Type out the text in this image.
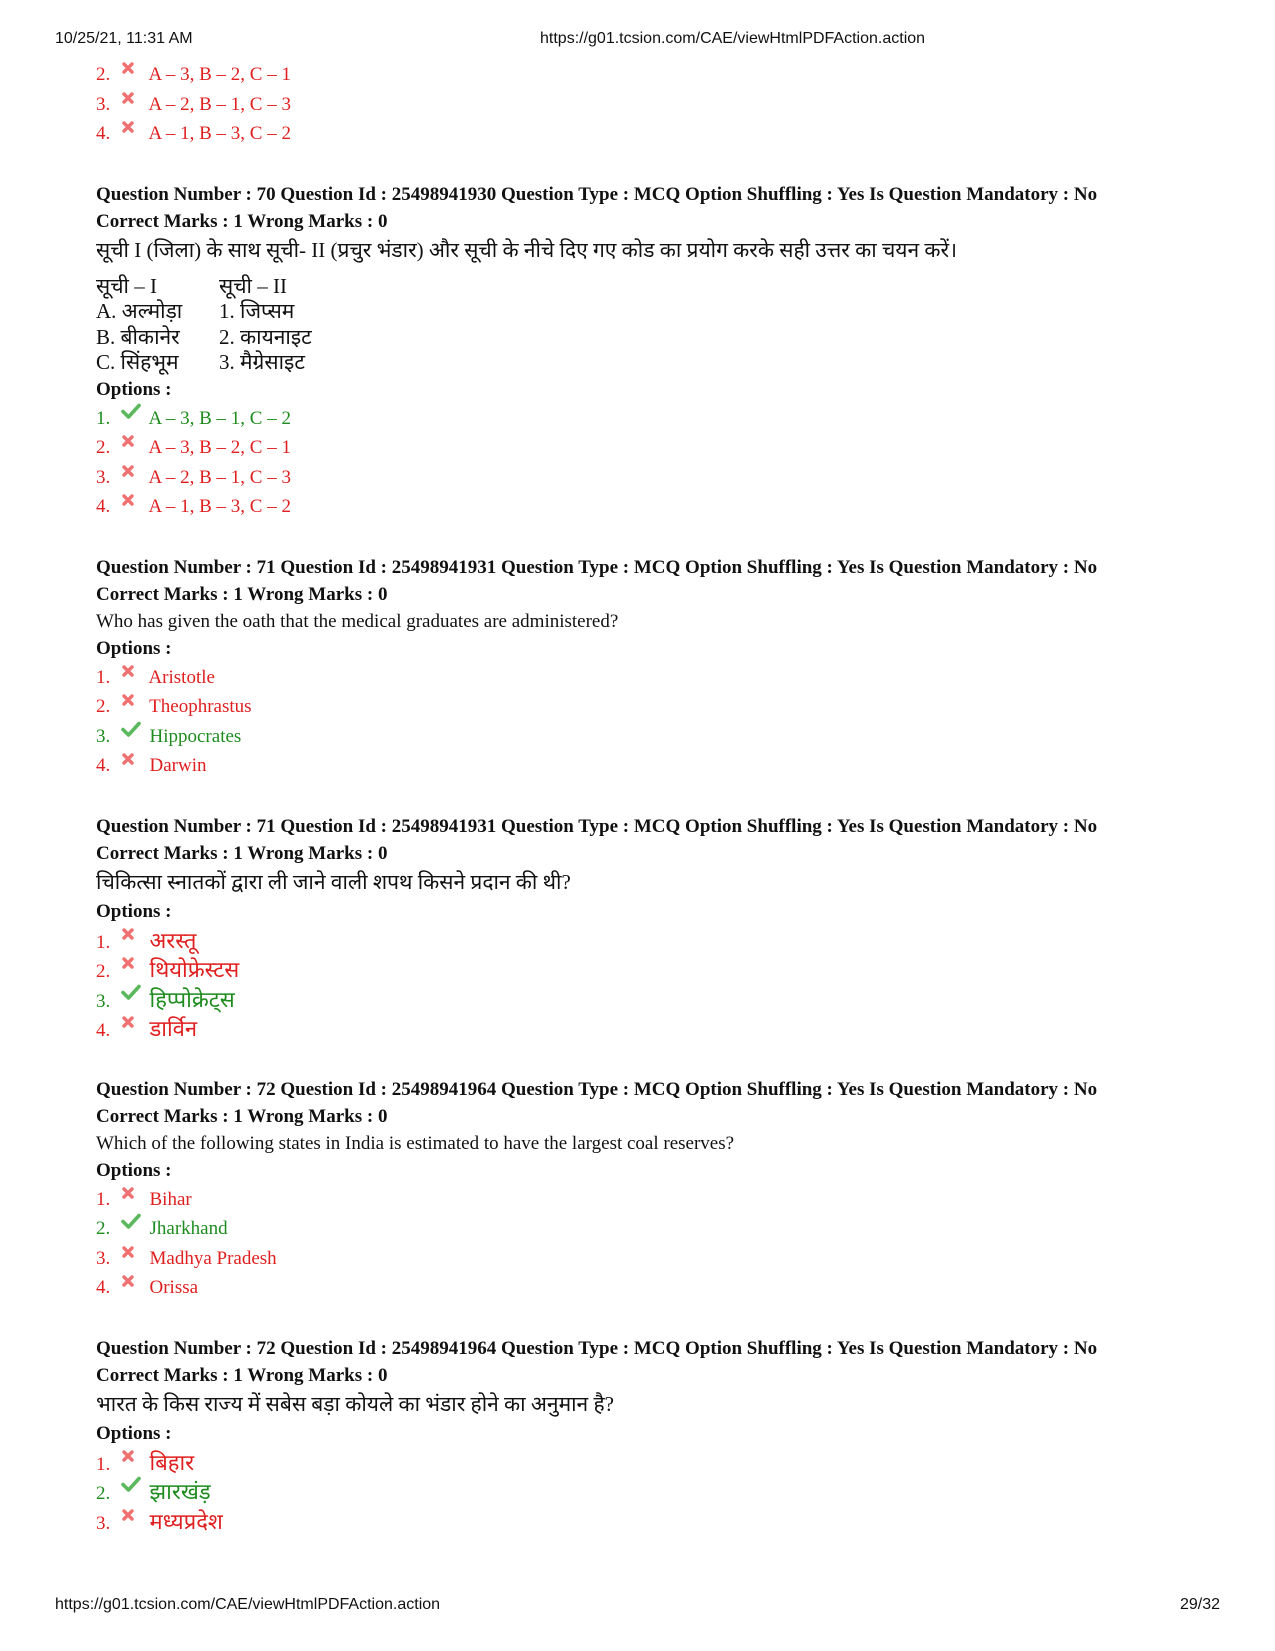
10/25/21, 11:31 AM	https://g01.tcsion.com/CAE/viewHtmlPDFAction.action
2. A – 3, B – 2, C – 1
3. A – 2, B – 1, C – 3
4. A – 1, B – 3, C – 2
Question Number : 70 Question Id : 25498941930 Question Type : MCQ Option Shuffling : Yes Is Question Mandatory : No
Correct Marks : 1 Wrong Marks : 0
सूची I (जिला) के साथ सूची- II (प्रचुर भंडार) और सूची के नीचे दिए गए कोड का प्रयोग करके सही उत्तर का चयन करें।
सूची – I	सूची – II
A. अल्मोड़ा 1. जिप्सम
B. बीकानेर 2. कायनाइट
C. सिंहभूम 3. मैग्रेसाइट
Options :
1. A – 3, B – 1, C – 2
2. A – 3, B – 2, C – 1
3. A – 2, B – 1, C – 3
4. A – 1, B – 3, C – 2
Question Number : 71 Question Id : 25498941931 Question Type : MCQ Option Shuffling : Yes Is Question Mandatory : No
Correct Marks : 1 Wrong Marks : 0
Who has given the oath that the medical graduates are administered?
Options :
1. Aristotle
2. Theophrastus
3. Hippocrates
4. Darwin
Question Number : 71 Question Id : 25498941931 Question Type : MCQ Option Shuffling : Yes Is Question Mandatory : No
Correct Marks : 1 Wrong Marks : 0
चिकित्सा स्नातकों द्वारा ली जाने वाली शपथ किसने प्रदान की थी?
Options :
1. अरस्तू
2. थियोफ्रेस्टस
3. हिप्पोक्रेट्स
4. डार्विन
Question Number : 72 Question Id : 25498941964 Question Type : MCQ Option Shuffling : Yes Is Question Mandatory : No
Correct Marks : 1 Wrong Marks : 0
Which of the following states in India is estimated to have the largest coal reserves?
Options :
1. Bihar
2. Jharkhand
3. Madhya Pradesh
4. Orissa
Question Number : 72 Question Id : 25498941964 Question Type : MCQ Option Shuffling : Yes Is Question Mandatory : No
Correct Marks : 1 Wrong Marks : 0
भारत के किस राज्य में सबेस बड़ा कोयले का भंडार होने का अनुमान है?
Options :
1. बिहार
2. झारखंड़
3. मध्यप्रदेश
https://g01.tcsion.com/CAE/viewHtmlPDFAction.action	29/32
